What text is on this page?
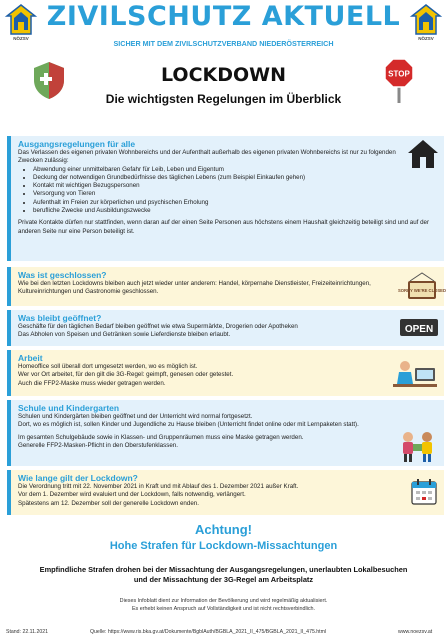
NÖZSV
ZIVILSCHUTZ AKTUELL
SICHER MIT DEM ZIVILSCHUTZVERBAND NIEDERÖSTERREICH
NÖZSV
LOCKDOWN
Die wichtigsten Regelungen im Überblick
STOP
Ausgangsregelungen für alle

Das Verlassen des eigenen privaten Wohnbereichs und der Aufenthalt außerhalb des eigenen privaten Wohnbereichs ist nur zu folgenden Zwecken zulässig:

• Abwendung einer unmittelbaren Gefahr für Leib, Leben und Eigentum
• Deckung der notwendigen Grundbedürfnisse des täglichen Lebens (zum Beispiel Einkaufen gehen)
• Kontakt mit wichtigen Bezugspersonen
• Versorgung von Tieren
• Aufenthalt im Freien zur körperlichen und psychischen Erholung
• berufliche Zwecke und Ausbildungszwecke

Private Kontakte dürfen nur stattfinden, wenn daran auf der einen Seite Personen aus höchstens einem Haushalt gleichzeitig beteiligt sind und auf der anderen Seite nur eine Person beteiligt ist.

Was ist geschlossen?

Wie bei den letzten Lockdowns bleiben auch jetzt wieder unter anderem: Handel, körpernahe Dienstleister, Freizeiteinrichtungen, Kultureinrichtungen und Gastronomie geschlossen.	SORRY WE'RE CLOSED
Was bleibt geöffnet?

Geschäfte für den täglichen Bedarf bleiben geöffnet wie etwa Supermärkte, Drogerien oder Apotheken

Das Abholen von Speisen und Getränken sowie Lieferdienste bleiben erlaubt.	OPEN
Arbeit

Homeoffice soll überall dort umgesetzt werden, wo es möglich ist.

Wer vor Ort arbeitet, für den gilt die 3G-Regel: geimpft, genesen oder getestet.

Auch die FFP2-Maske muss wieder getragen werden.

Schule und Kindergarten

Schulen und Kindergärten bleiben geöffnet und der Unterricht wird normal fortgesetzt.

Dort, wo es möglich ist, sollen Kinder und Jugendliche zu Hause bleiben (Unterricht findet online oder mit Lernpaketen statt).

Im gesamten Schulgebäude sowie in Klassen- und Gruppenräumen muss eine Maske getragen werden.

Generelle FFP2-Masken-Pflicht in den Oberstufenklassen.

Wie lange gilt der Lockdown?

Die Verordnung tritt mit 22. November 2021 in Kraft und mit Ablauf des 1. Dezember 2021 außer Kraft.

Vor dem 1. Dezember wird evaluiert und der Lockdown, falls notwendig, verlängert.

Spätestens am 12. Dezember soll der generelle Lockdown enden.

Achtung!
Hohe Strafen für Lockdown-Missachtungen
Empfindliche Strafen drohen bei der Missachtung der Ausgangsregelungen, unerlaubten Lokalbesuchen
und der Missachtung der 3G-Regel am Arbeitsplatz
Dieses Infoblatt dient zur Information der Bevölkerung und wird regelmäßig aktualisiert.
Es erhebt keinen Anspruch auf Vollständigkeit und ist nicht rechtsverbindlich.
Stand: 22.11.2021	Quelle: https://www.ris.bka.gv.at/Dokumente/BgblAuth/BGBLA_2021_II_475/BGBLA_2021_II_475.html	www.noezsv.at
